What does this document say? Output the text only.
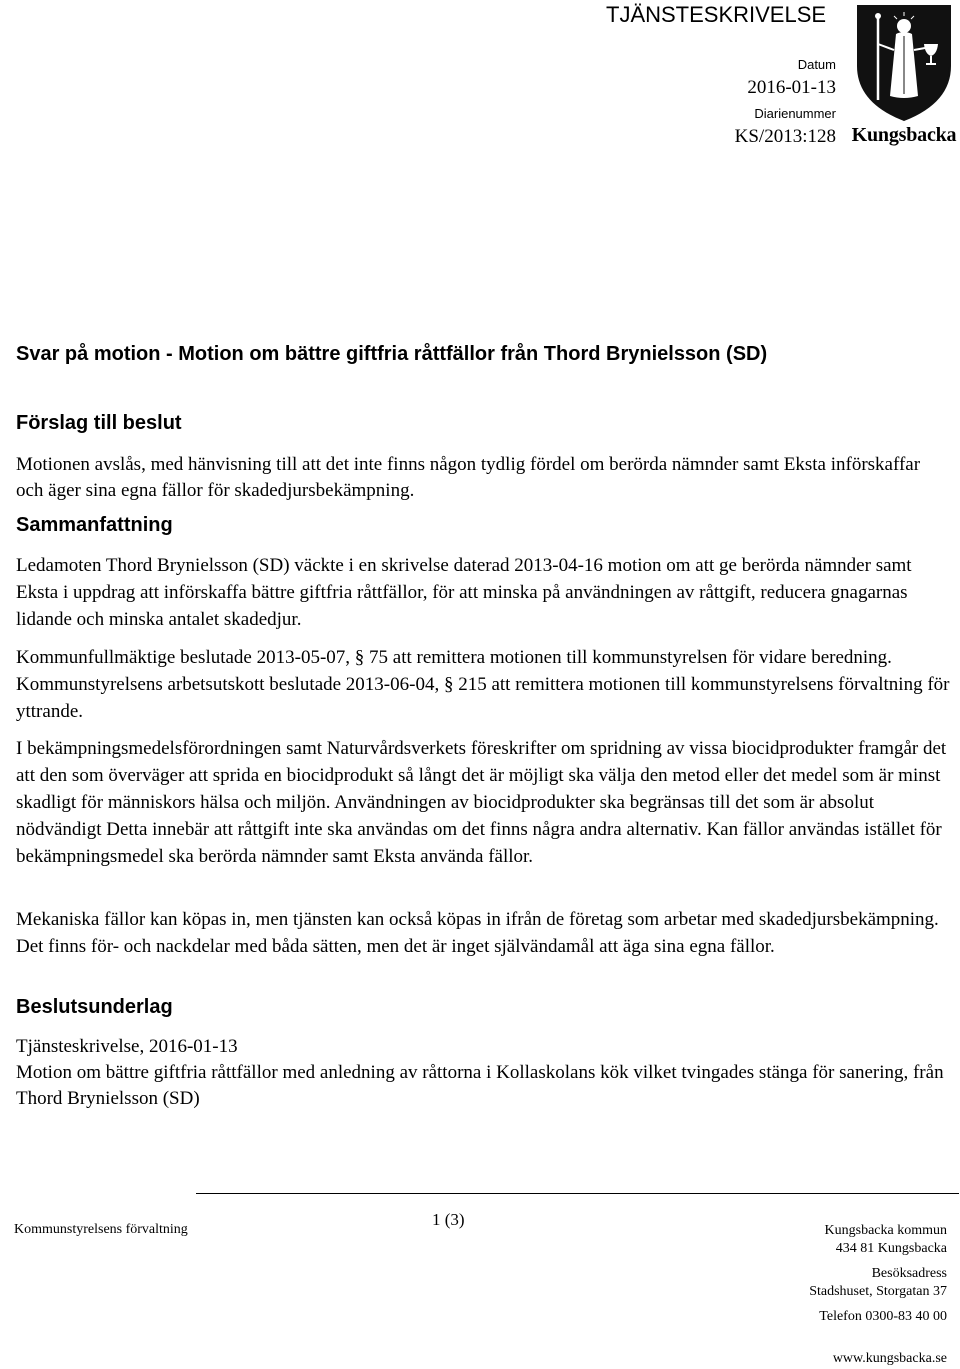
TJÄNSTESKRIVELSE
Datum
2016-01-13
Diarienummer
KS/2013:128 Kungsbacka
Svar på motion - Motion om bättre giftfria råttfällor från Thord Brynielsson (SD)
Förslag till beslut

Motionen avslås, med hänvisning till att det inte finns någon tydlig fördel om berörda nämnder samt Eksta införskaffar och äger sina egna fällor för skadedjursbekämpning.

Sammanfattning

Ledamoten Thord Brynielsson (SD) väckte i en skrivelse daterad 2013-04-16 motion om att ge berörda nämnder samt Eksta i uppdrag att införskaffa bättre giftfria råttfällor, för att minska på användningen av råttgift, reducera gnagarnas lidande och minska antalet skadedjur.

Kommunfullmäktige beslutade 2013-05-07, § 75 att remittera motionen till kommunstyrelsen för vidare beredning. Kommunstyrelsens arbetsutskott beslutade 2013-06-04, § 215 att remittera motionen till kommunstyrelsens förvaltning för yttrande.

I bekämpningsmedelsförordningen samt Naturvårdsverkets föreskrifter om spridning av vissa biocidprodukter framgår det att den som överväger att sprida en biocidprodukt så långt det är möjligt ska välja den metod eller det medel som är minst skadligt för människors hälsa och miljön. Användningen av biocidprodukter ska begränsas till det som är absolut nödvändigt Detta innebär att råttgift inte ska användas om det finns några andra alternativ. Kan fällor användas istället för bekämpningsmedel ska berörda nämnder samt Eksta använda fällor.

Mekaniska fällor kan köpas in, men tjänsten kan också köpas in ifrån de företag som arbetar med skadedjursbekämpning. Det finns för- och nackdelar med båda sätten, men det är inget självändamål att äga sina egna fällor.

Beslutsunderlag
Tjänsteskrivelse, 2016-01-13
Motion om bättre giftfria råttfällor med anledning av råttorna i Kollaskolans kök vilket tvingades stänga för sanering, från Thord Brynielsson (SD)
Kommunstyrelsens förvaltning
1 (3)
Kungsbacka kommun
434 81 Kungsbacka
Besöksadress
Stadshuset, Storgatan 37
Telefon 0300-83 40 00
www.kungsbacka.se
